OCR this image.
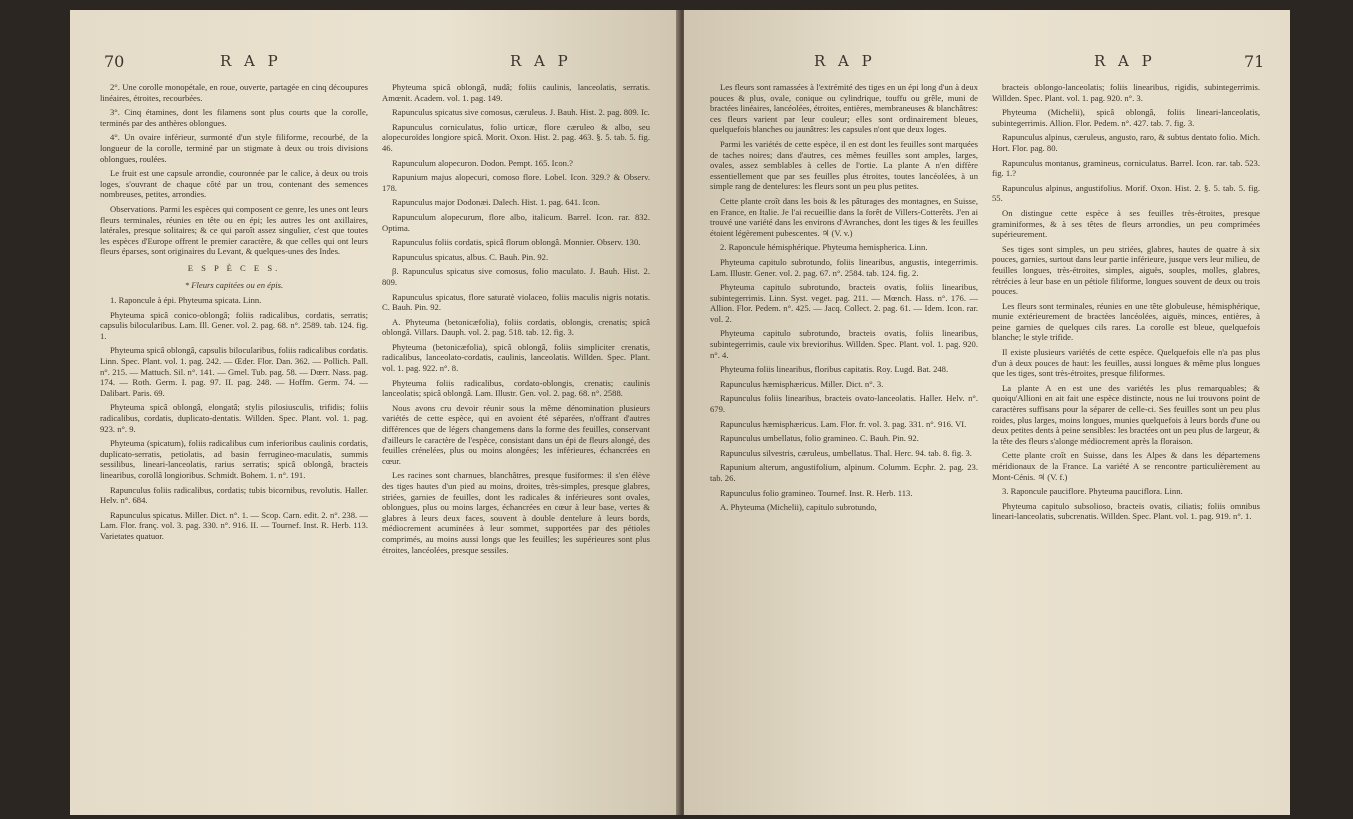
70	R A P	R A P

2°. Une corolle monopétale, en roue, ouverte, partagée en cinq découpures linéaires, étroites, recourbées.

3°. Cinq étamines, dont les filamens sont plus courts que la corolle, terminés par des anthères oblongues.

4°. Un ovaire inférieur, surmonté d'un style filiforme, recourbé, de la longueur de la corolle, terminé par un stigmate à deux ou trois divisions oblongues, roulées.

Le fruit est une capsule arrondie, couronnée par le calice, à deux ou trois loges, s'ouvrant de chaque côté par un trou, contenant des semences nombreuses, petites, arrondies.

Observations. Parmi les espèces qui composent ce genre, les unes ont leurs fleurs terminales, réunies en tête ou en épi; les autres les ont axillaires, latérales, presque solitaires; & ce qui paroît assez singulier, c'est que toutes les espèces d'Europe offrent le premier caractère, & que celles qui ont leurs fleurs éparses, sont originaires du Levant, & quelques-unes des Indes.

E S P È C E S.

* Fleurs capitées ou en épis.

1. Raponcule à épi. Phyteuma spicata. Linn.

Phyteuma spicâ conico-oblongâ; foliis radicalibus, cordatis, serratis; capsulis bilocularibus. Lam. Ill. Gener. vol. 2. pag. 68. n°. 2589. tab. 124. fig. 1.

Phyteuma spicâ oblongâ, capsulis bilocularibus, foliis radicalibus cordatis. Linn. Spec. Plant. vol. 1. pag. 242. — Œder. Flor. Dan. 362. — Pollich. Pall. n°. 215. — Mattuch. Sil. n°. 141. — Gmel. Tub. pag. 58. — Dœrr. Nass. pag. 174. — Roth. Germ. I. pag. 97. II. pag. 248. — Hoffm. Germ. 74. — Dalibart. Paris. 69.

Phyteuma spicâ oblongâ, elongatâ; stylis pilosiusculis, trifidis; foliis radicalibus, cordatis, duplicato-dentatis. Willden. Spec. Plant. vol. 1. pag. 923. n°. 9.

Phyteuma (spicatum), foliis radicalibus cum inferioribus caulinis cordatis, duplicato-serratis, petiolatis, ad basin ferrugineo-maculatis, summis sessilibus, lineari-lanceolatis, rarius serratis; spicâ oblongâ, bracteis linearibus, corollâ longioribus. Schmidt. Bohem. 1. n°. 191.

Rapunculus foliis radicalibus, cordatis; tubis bicornibus, revolutis. Haller. Helv. n°. 684.

Rapunculus spicatus. Miller. Dict. n°. 1. — Scop. Carn. edit. 2. n°. 238. — Lam. Flor. franç. vol. 3. pag. 330. n°. 916. II. — Tournef. Inst. R. Herb. 113. Varietates quatuor.

Phyteuma spicâ oblongâ, nudâ; foliis caulinis, lanceolatis, serratis. Amœnit. Academ. vol. 1. pag. 149.

Rapunculus spicatus sive comosus, cæruleus. J. Bauh. Hist. 2. pag. 809. Ic.

Rapunculus corniculatus, folio urticæ, flore cæruleo & albo, seu alopecuroïdes longiore spicâ. Morit. Oxon. Hist. 2. pag. 463. §. 5. tab. 5. fig. 46.

Rapunculum alopecuron. Dodon. Pempt. 165. Icon.?

Rapunium majus alopecuri, comoso flore. Lobel. Icon. 329.? & Observ. 178.

Rapunculus major Dodonæi. Dalech. Hist. 1. pag. 641. Icon.

Rapunculum alopecurum, flore albo, italicum. Barrel. Icon. rar. 832. Optima.

Rapunculus foliis cordatis, spicâ florum oblongâ. Monnier. Observ. 130.

Rapunculus spicatus, albus. C. Bauh. Pin. 92.

β. Rapunculus spicatus sive comosus, folio maculato. J. Bauh. Hist. 2. 809.

Rapunculus spicatus, flore saturatè violaceo, foliis maculis nigris notatis. C. Bauh. Pin. 92.

A. Phyteuma (betonicæfolia), foliis cordatis, oblongis, crenatis; spicâ oblongâ. Villars. Dauph. vol. 2. pag. 518. tab. 12. fig. 3.

Phyteuma (betonicæfolia), spicâ oblongâ, foliis simpliciter crenatis, radicalibus, lanceolato-cordatis, caulinis, lanceolatis. Willden. Spec. Plant. vol. 1. pag. 922. n°. 8.

Phyteuma foliis radicalibus, cordato-oblongis, crenatis; caulinis lanceolatis; spicâ oblongâ. Lam. Illustr. Gen. vol. 2. pag. 68. n°. 2588.

Nous avons cru devoir réunir sous la même dénomination plusieurs variétés de cette espèce, qui en avoient été séparées, n'offrant d'autres différences que de légers changemens dans la forme des feuilles, conservant d'ailleurs le caractère de l'espèce, consistant dans un épi de fleurs alongé, des feuilles crénelées, plus ou moins alongées; les inférieures, échancrées en cœur.

Les racines sont charnues, blanchâtres, presque fusiformes: il s'en élève des tiges hautes d'un pied au moins, droites, très-simples, presque glabres, striées, garnies de feuilles, dont les radicales & inférieures sont ovales, oblongues, plus ou moins larges, échancrées en cœur à leur base, vertes & glabres à leurs deux faces, souvent à double dentelure à leurs bords, médiocrement acuminées à leur sommet, supportées par des pétioles comprimés, au moins aussi longs que les feuilles; les supérieures sont plus étroites, lancéolées, presque sessiles.

R A P	R A P	71

Les fleurs sont ramassées à l'extrémité des tiges en un épi long d'un à deux pouces & plus, ovale, conique ou cylindrique, touffu ou grêle, muni de bractées linéaires, lancéolées, étroites, entières, membraneuses & blanchâtres: ces fleurs varient par leur couleur; elles sont ordinairement bleues, quelquefois blanches ou jaunâtres: les capsules n'ont que deux loges.

Parmi les variétés de cette espèce, il en est dont les feuilles sont marquées de taches noires; dans d'autres, ces mêmes feuilles sont amples, larges, ovales, assez semblables à celles de l'ortie. La plante A n'en diffère essentiellement que par ses feuilles plus étroites, toutes lancéolées, à un simple rang de dentelures: les fleurs sont un peu plus petites.

Cette plante croît dans les bois & les pâturages des montagnes, en Suisse, en France, en Italie. Je l'ai recueillie dans la forêt de Villers-Cotterêts. J'en ai trouvé une variété dans les environs d'Avranches, dont les tiges & les feuilles étoient légèrement pubescentes. ♃ (V. v.)

2. Raponcule hémisphérique. Phyteuma hemispherica. Linn.

Phyteuma capitulo subrotundo, foliis linearibus, angustis, integerrimis. Lam. Illustr. Gener. vol. 2. pag. 67. n°. 2584. tab. 124. fig. 2.

Phyteuma capitulo subrotundo, bracteis ovatis, foliis linearibus, subintegerrimis. Linn. Syst. veget. pag. 211. — Mœnch. Hass. n°. 176. — Allion. Flor. Pedem. n°. 425. — Jacq. Collect. 2. pag. 61. — Idem. Icon. rar. vol. 2.

Phyteuma capitulo subrotundo, bracteis ovatis, foliis linearibus, subintegerrimis, caule vix breviorihus. Willden. Spec. Plant. vol. 1. pag. 920. n°. 4.

Phyteuma foliis linearibus, floribus capitatis. Roy. Lugd. Bat. 248.

Rapunculus hæmisphæricus. Miller. Dict. n°. 3.

Rapunculus foliis linearibus, bracteis ovato-lanceolatis. Haller. Helv. n°. 679.

Rapunculus hæmisphæricus. Lam. Flor. fr. vol. 3. pag. 331. n°. 916. VI.

Rapunculus umbellatus, folio gramineo. C. Bauh. Pin. 92.

Rapunculus silvestris, cæruleus, umbellatus. Thal. Herc. 94. tab. 8. fig. 3.

Rapunium alterum, angustifolium, alpinum. Columm. Ecphr. 2. pag. 23. tab. 26.

Rapunculus folio gramineo. Tournef. Inst. R. Herb. 113.

A. Phyteuma (Michelii), capitulo subrotundo,

bracteis oblongo-lanceolatis; foliis linearibus, rigidis, subintegerrimis. Willden. Spec. Plant. vol. 1. pag. 920. n°. 3.

Phyteuma (Michelii), spicâ oblongâ, foliis lineari-lanceolatis, subintegerrimis. Allion. Flor. Pedem. n°. 427. tab. 7. fig. 3.

Rapunculus alpinus, cæruleus, angusto, raro, & subtus dentato folio. Mich. Hort. Flor. pag. 80.

Rapunculus montanus, gramineus, corniculatus. Barrel. Icon. rar. tab. 523. fig. 1.?

Rapunculus alpinus, angustifolius. Morif. Oxon. Hist. 2. §. 5. tab. 5. fig. 55.

On distingue cette espèce à ses feuilles très-étroites, presque graminiformes, & à ses têtes de fleurs arrondies, un peu comprimées supérieurement.

Ses tiges sont simples, un peu striées, glabres, hautes de quatre à six pouces, garnies, surtout dans leur partie inférieure, jusque vers leur milieu, de feuilles longues, très-étroites, simples, aiguës, souples, molles, glabres, rétrécies à leur base en un pétiole filiforme, longues souvent de deux ou trois pouces.

Les fleurs sont terminales, réunies en une tête globuleuse, hémisphérique, munie extérieurement de bractées lancéolées, aiguës, minces, entières, à peine garnies de quelques cils rares. La corolle est bleue, quelquefois blanche; le style trifide.

Il existe plusieurs variétés de cette espèce. Quelquefois elle n'a pas plus d'un à deux pouces de haut: les feuilles, aussi longues & même plus longues que les tiges, sont très-étroites, presque filiformes.

La plante A en est une des variétés les plus remarquables; & quoiqu'Allioni en ait fait une espèce distincte, nous ne lui trouvons point de caractères suffisans pour la séparer de celle-ci. Ses feuilles sont un peu plus roides, plus larges, moins longues, munies quelquefois à leurs bords d'une ou deux petites dents à peine sensibles: les bractées ont un peu plus de largeur, & la tête des fleurs s'alonge médiocrement après la floraison.

Cette plante croît en Suisse, dans les Alpes & dans les départemens méridionaux de la France. La variété A se rencontre particulièrement au Mont-Cénis. ♃ (V. f.)

3. Raponcule pauciflore. Phyteuma pauciflora. Linn.

Phyteuma capitulo subsolioso, bracteis ovatis, ciliatis; foliis omnibus lineari-lanceolatis, subcrenatis. Willden. Spec. Plant. vol. 1. pag. 919. n°. 1.
